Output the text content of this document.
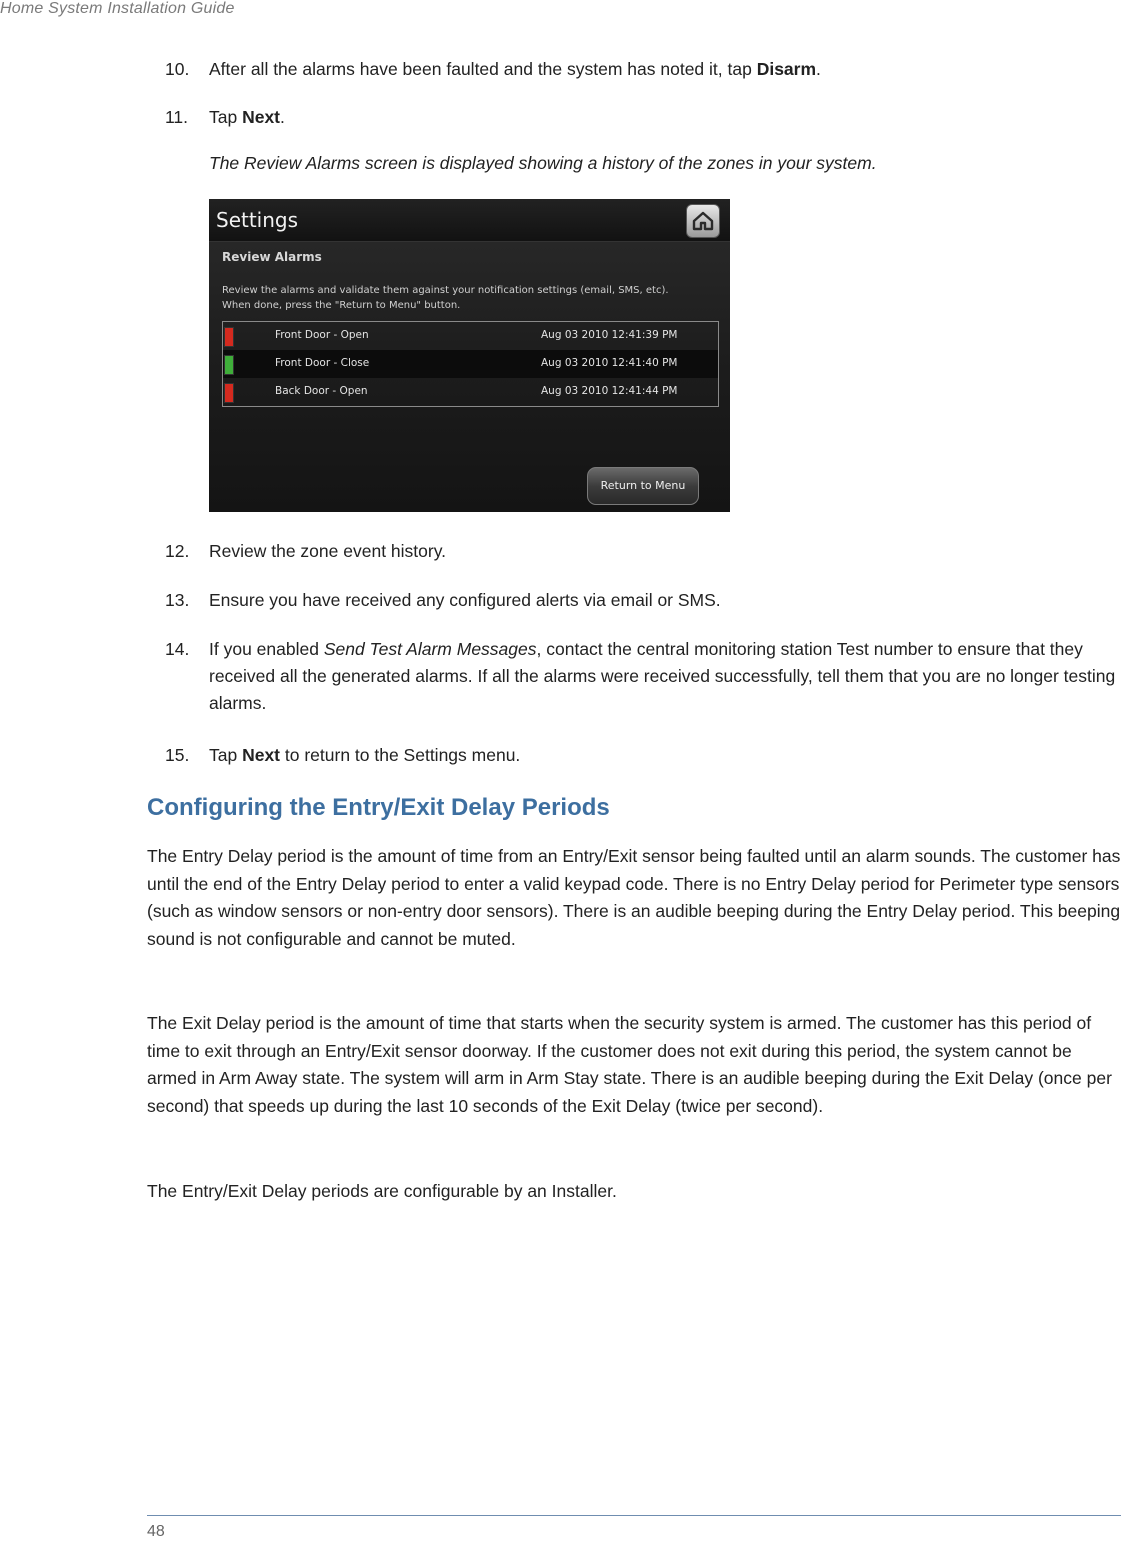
Home System Installation Guide
10. After all the alarms have been faulted and the system has noted it, tap Disarm.
11. Tap Next.
The Review Alarms screen is displayed showing a history of the zones in your system.
Settings
Review Alarms
Review the alarms and validate them against your notification settings (email, SMS, etc). When done, press the "Return to Menu" button.
Front Door - Open	Aug 03 2010 12:41:39 PM
Front Door - Close	Aug 03 2010 12:41:40 PM
Back Door - Open	Aug 03 2010 12:41:44 PM
Return to Menu
12. Review the zone event history.
13. Ensure you have received any configured alerts via email or SMS.
14. If you enabled Send Test Alarm Messages, contact the central monitoring station Test number to ensure that they received all the generated alarms. If all the alarms were received successfully, tell them that you are no longer testing alarms.
15. Tap Next to return to the Settings menu.
Configuring the Entry/Exit Delay Periods
The Entry Delay period is the amount of time from an Entry/Exit sensor being faulted until an alarm sounds. The customer has until the end of the Entry Delay period to enter a valid keypad code. There is no Entry Delay period for Perimeter type sensors (such as window sensors or non-entry door sensors). There is an audible beeping during the Entry Delay period. This beeping sound is not configurable and cannot be muted.
The Exit Delay period is the amount of time that starts when the security system is armed. The customer has this period of time to exit through an Entry/Exit sensor doorway. If the customer does not exit during this period, the system cannot be armed in Arm Away state. The system will arm in Arm Stay state. There is an audible beeping during the Exit Delay (once per second) that speeds up during the last 10 seconds of the Exit Delay (twice per second).
The Entry/Exit Delay periods are configurable by an Installer.
48
